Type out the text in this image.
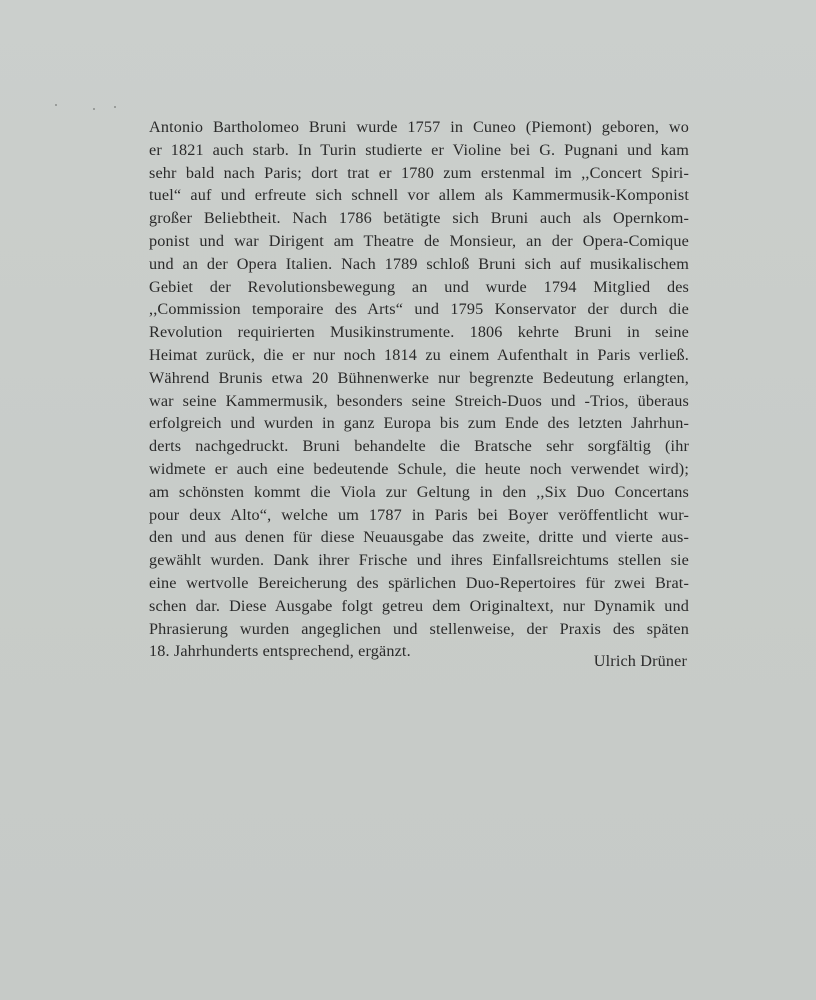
Antonio Bartholomeo Bruni wurde 1757 in Cuneo (Piemont) geboren, wo
er 1821 auch starb. In Turin studierte er Violine bei G. Pugnani und kam
sehr bald nach Paris; dort trat er 1780 zum erstenmal im ,,Concert Spiri-
tuel“ auf und erfreute sich schnell vor allem als Kammermusik-Komponist
großer Beliebtheit. Nach 1786 betätigte sich Bruni auch als Opernkom-
ponist und war Dirigent am Theatre de Monsieur, an der Opera-Comique
und an der Opera Italien. Nach 1789 schloß Bruni sich auf musikalischem
Gebiet der Revolutionsbewegung an und wurde 1794 Mitglied des
,,Commission temporaire des Arts“ und 1795 Konservator der durch die
Revolution requirierten Musikinstrumente. 1806 kehrte Bruni in seine
Heimat zurück, die er nur noch 1814 zu einem Aufenthalt in Paris verließ.
Während Brunis etwa 20 Bühnenwerke nur begrenzte Bedeutung erlangten,
war seine Kammermusik, besonders seine Streich-Duos und -Trios, überaus
erfolgreich und wurden in ganz Europa bis zum Ende des letzten Jahrhun-
derts nachgedruckt. Bruni behandelte die Bratsche sehr sorgfältig (ihr
widmete er auch eine bedeutende Schule, die heute noch verwendet wird);
am schönsten kommt die Viola zur Geltung in den ,,Six Duo Concertans
pour deux Alto“, welche um 1787 in Paris bei Boyer veröffentlicht wur-
den und aus denen für diese Neuausgabe das zweite, dritte und vierte aus-
gewählt wurden. Dank ihrer Frische und ihres Einfallsreichtums stellen sie
eine wertvolle Bereicherung des spärlichen Duo-Repertoires für zwei Brat-
schen dar. Diese Ausgabe folgt getreu dem Originaltext, nur Dynamik und
Phrasierung wurden angeglichen und stellenweise, der Praxis des späten
18. Jahrhunderts entsprechend, ergänzt.
Ulrich Drüner
